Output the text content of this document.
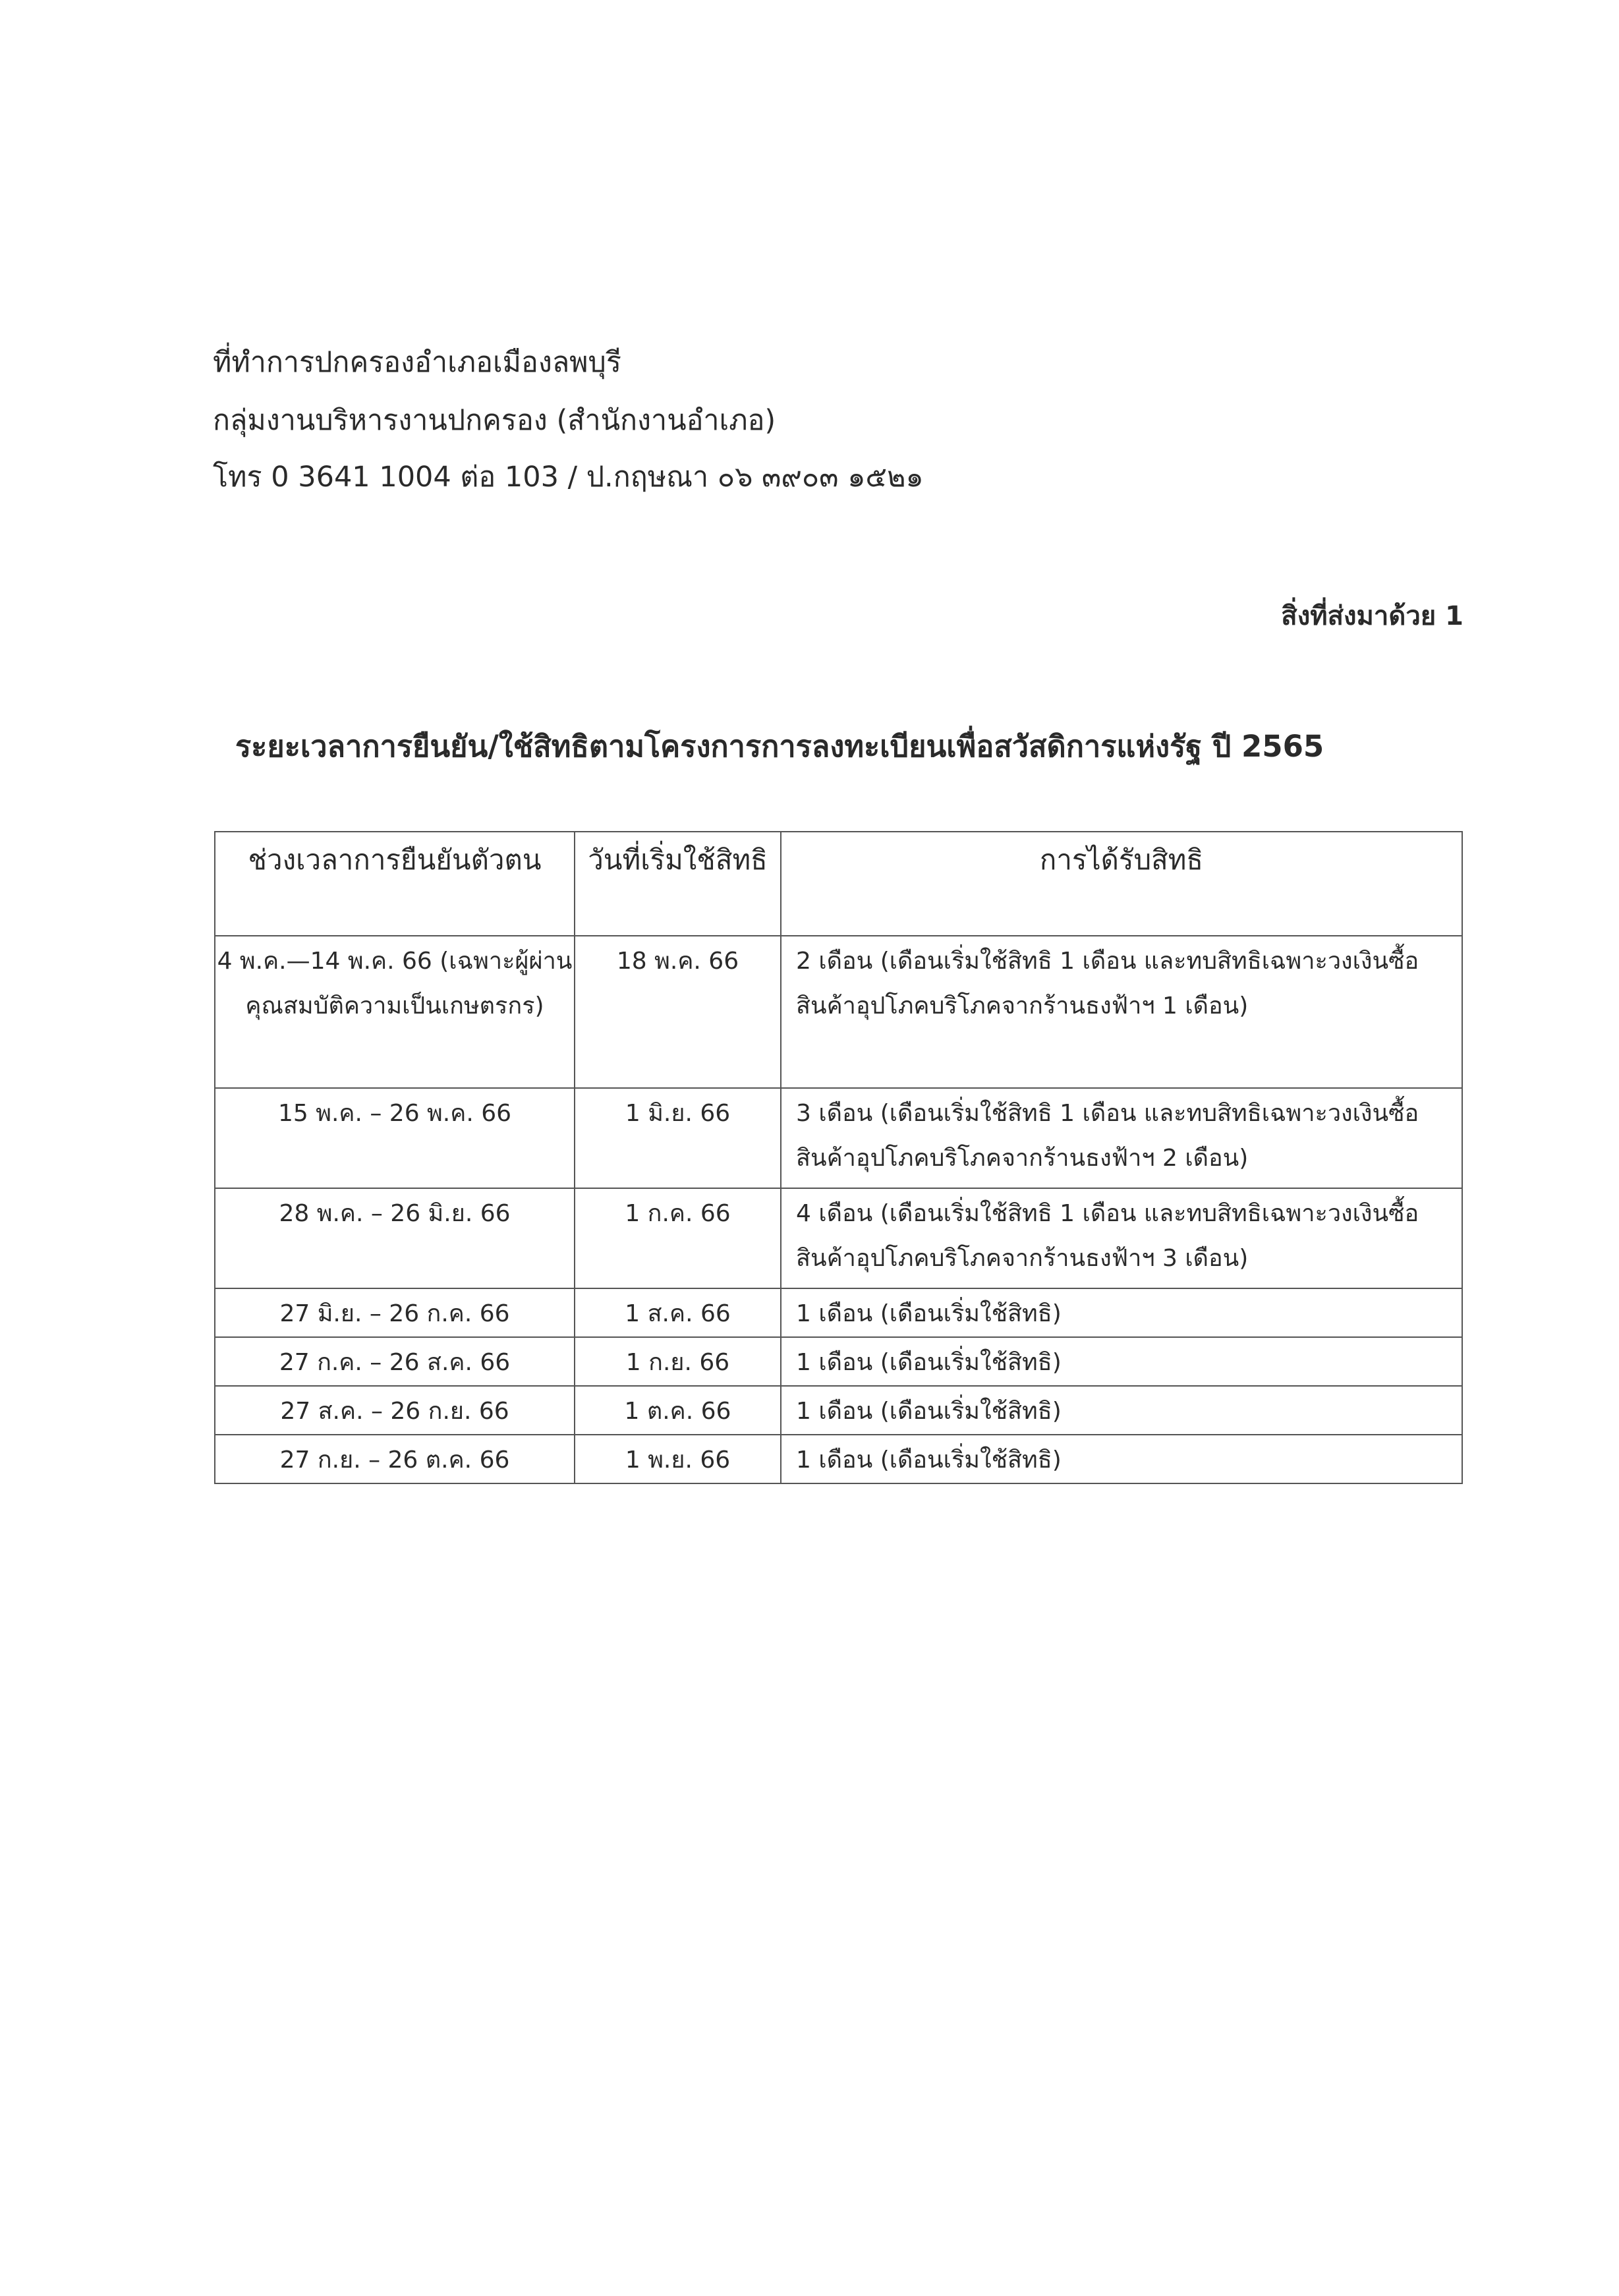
ที่ทำการปกครองอำเภอเมืองลพบุรี
กลุ่มงานบริหารงานปกครอง (สำนักงานอำเภอ)
โทร 0 3641 1004 ต่อ 103 / ป.กฤษณา ๐๖ ๓๙๐๓ ๑๕๒๑
สิ่งที่ส่งมาด้วย 1
ระยะเวลาการยืนยัน/ใช้สิทธิตามโครงการการลงทะเบียนเพื่อสวัสดิการแห่งรัฐ ปี 2565
ช่วงเวลาการยืนยันตัวตน	วันที่เริ่มใช้สิทธิ	การได้รับสิทธิ
4 พ.ค.—14 พ.ค. 66 (เฉพาะผู้ผ่านคุณสมบัติความเป็นเกษตรกร)	18 พ.ค. 66	2 เดือน (เดือนเริ่มใช้สิทธิ 1 เดือน และทบสิทธิเฉพาะวงเงินซื้อสินค้าอุปโภคบริโภคจากร้านธงฟ้าฯ 1 เดือน)
15 พ.ค. – 26 พ.ค. 66	1 มิ.ย. 66	3 เดือน (เดือนเริ่มใช้สิทธิ 1 เดือน และทบสิทธิเฉพาะวงเงินซื้อสินค้าอุปโภคบริโภคจากร้านธงฟ้าฯ 2 เดือน)
28 พ.ค. – 26 มิ.ย. 66	1 ก.ค. 66	4 เดือน (เดือนเริ่มใช้สิทธิ 1 เดือน และทบสิทธิเฉพาะวงเงินซื้อสินค้าอุปโภคบริโภคจากร้านธงฟ้าฯ 3 เดือน)
27 มิ.ย. – 26 ก.ค. 66	1 ส.ค. 66	1 เดือน (เดือนเริ่มใช้สิทธิ)
27 ก.ค. – 26 ส.ค. 66	1 ก.ย. 66	1 เดือน (เดือนเริ่มใช้สิทธิ)
27 ส.ค. – 26 ก.ย. 66	1 ต.ค. 66	1 เดือน (เดือนเริ่มใช้สิทธิ)
27 ก.ย. – 26 ต.ค. 66	1 พ.ย. 66	1 เดือน (เดือนเริ่มใช้สิทธิ)
